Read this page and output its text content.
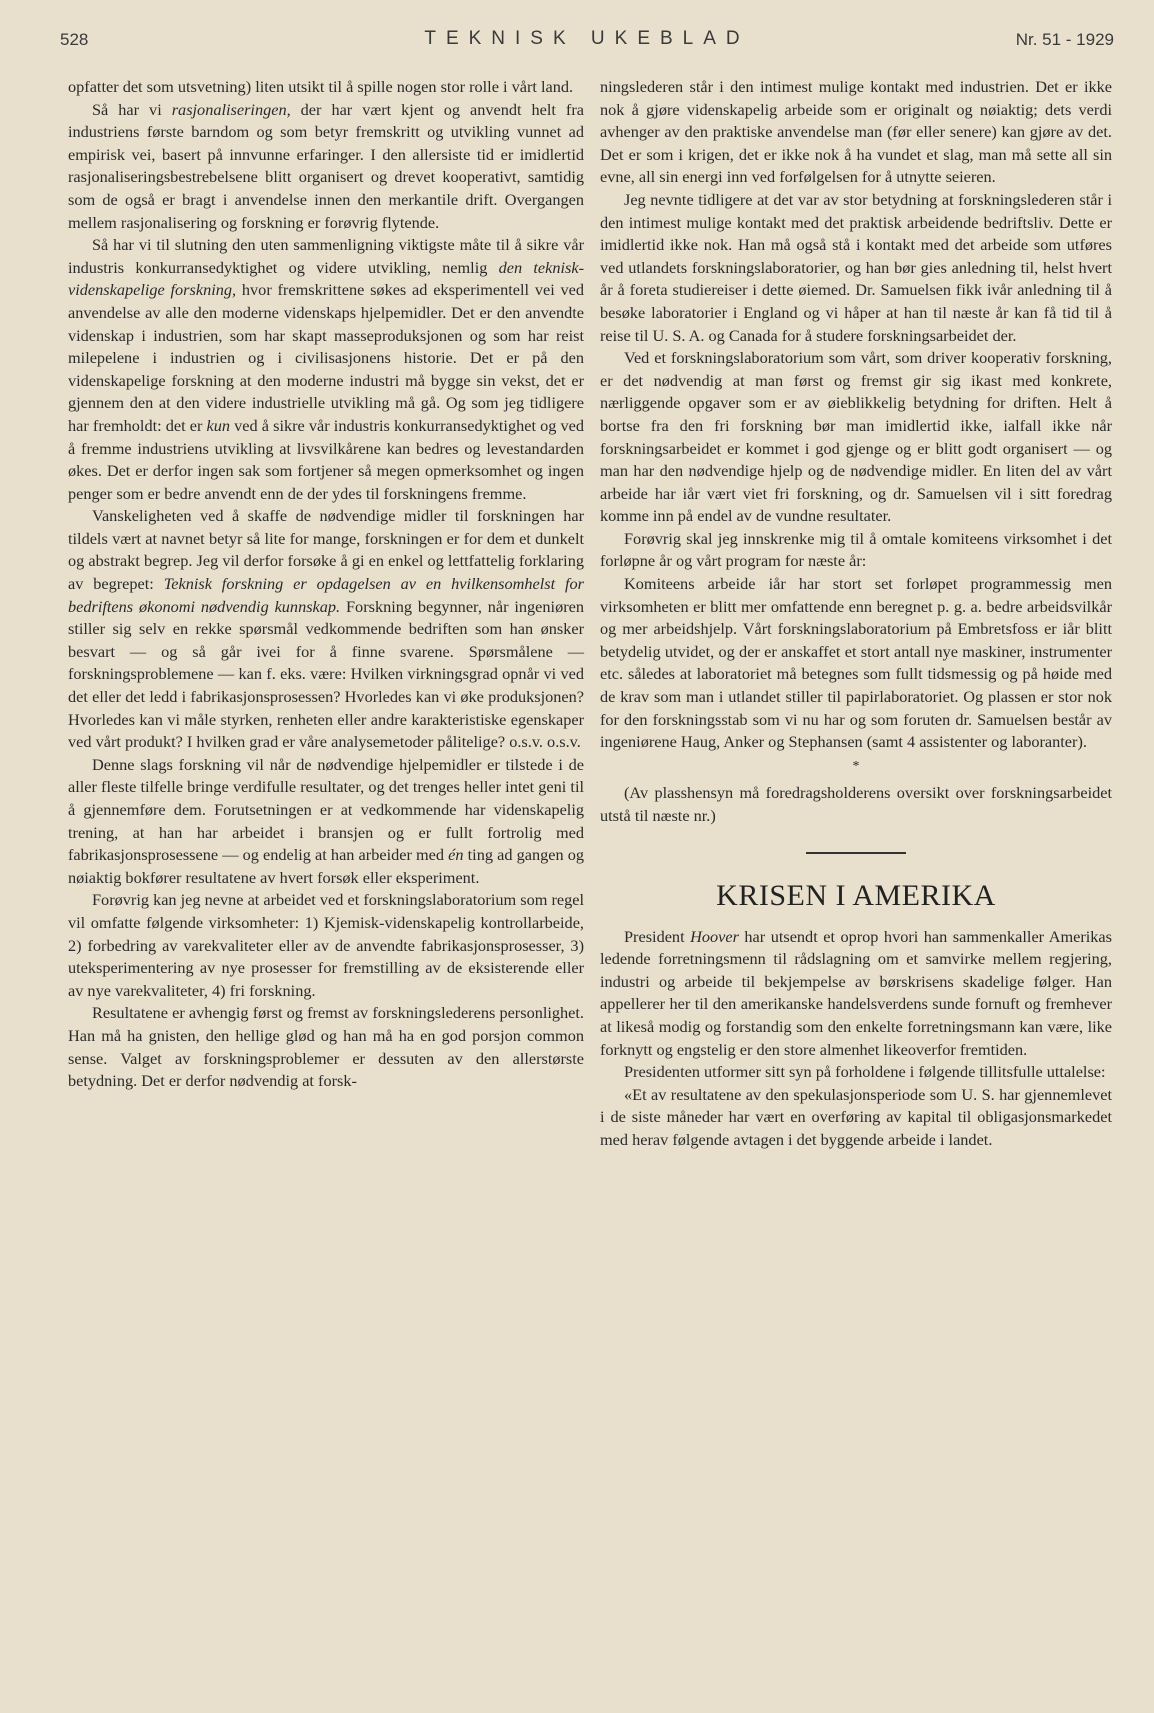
528	TEKNISK UKEBLAD	Nr. 51 - 1929

opfatter det som utsvetning) liten utsikt til å spille nogen stor rolle i vårt land.

Så har vi rasjonaliseringen, der har vært kjent og anvendt helt fra industriens første barndom og som betyr fremskritt og utvikling vunnet ad empirisk vei, basert på innvunne erfaringer. I den allersiste tid er imidlertid rasjonaliseringsbestrebelsene blitt organisert og drevet kooperativt, samtidig som de også er bragt i anvendelse innen den merkantile drift. Overgangen mellem rasjonalisering og forskning er forøvrig flytende.

Så har vi til slutning den uten sammenligning viktigste måte til å sikre vår industris konkurransedyktighet og videre utvikling, nemlig den teknisk-videnskapelige forskning, hvor fremskrittene søkes ad eksperimentell vei ved anvendelse av alle den moderne videnskaps hjelpemidler. Det er den anvendte videnskap i industrien, som har skapt masseproduksjonen og som har reist milepelene i industrien og i civilisasjonens historie. Det er på den videnskapelige forskning at den moderne industri må bygge sin vekst, det er gjennem den at den videre industrielle utvikling må gå. Og som jeg tidligere har fremholdt: det er kun ved å sikre vår industris konkurransedyktighet og ved å fremme industriens utvikling at livsvilkårene kan bedres og levestandarden økes. Det er derfor ingen sak som fortjener så megen opmerksomhet og ingen penger som er bedre anvendt enn de der ydes til forskningens fremme.

Vanskeligheten ved å skaffe de nødvendige midler til forskningen har tildels vært at navnet betyr så lite for mange, forskningen er for dem et dunkelt og abstrakt begrep. Jeg vil derfor forsøke å gi en enkel og lettfattelig forklaring av begrepet: Teknisk forskning er opdagelsen av en hvilkensomhelst for bedriftens økonomi nødvendig kunnskap. Forskning begynner, når ingeniøren stiller sig selv en rekke spørsmål vedkommende bedriften som han ønsker besvart — og så går ivei for å finne svarene. Spørsmålene — forskningsproblemene — kan f. eks. være: Hvilken virkningsgrad opnår vi ved det eller det ledd i fabrikasjonsprosessen? Hvorledes kan vi øke produksjonen? Hvorledes kan vi måle styrken, renheten eller andre karakteristiske egenskaper ved vårt produkt? I hvilken grad er våre analysemetoder pålitelige? o.s.v. o.s.v.

Denne slags forskning vil når de nødvendige hjelpemidler er tilstede i de aller fleste tilfelle bringe verdifulle resultater, og det trenges heller intet geni til å gjennemføre dem. Forutsetningen er at vedkommende har videnskapelig trening, at han har arbeidet i bransjen og er fullt fortrolig med fabrikasjonsprosessene — og endelig at han arbeider med én ting ad gangen og nøiaktig bokfører resultatene av hvert forsøk eller eksperiment.

Forøvrig kan jeg nevne at arbeidet ved et forskningslaboratorium som regel vil omfatte følgende virksomheter: 1) Kjemisk-videnskapelig kontrollarbeide, 2) forbedring av varekvaliteter eller av de anvendte fabrikasjonsprosesser, 3) uteksperimentering av nye prosesser for fremstilling av de eksisterende eller av nye varekvaliteter, 4) fri forskning.

Resultatene er avhengig først og fremst av forskningslederens personlighet. Han må ha gnisten, den hellige glød og han må ha en god porsjon common sense. Valget av forskningsproblemer er dessuten av den allerstørste betydning. Det er derfor nødvendig at forsk-

ningslederen står i den intimest mulige kontakt med industrien. Det er ikke nok å gjøre videnskapelig arbeide som er originalt og nøiaktig; dets verdi avhenger av den praktiske anvendelse man (før eller senere) kan gjøre av det. Det er som i krigen, det er ikke nok å ha vundet et slag, man må sette all sin evne, all sin energi inn ved forfølgelsen for å utnytte seieren.

Jeg nevnte tidligere at det var av stor betydning at forskningslederen står i den intimest mulige kontakt med det praktisk arbeidende bedriftsliv. Dette er imidlertid ikke nok. Han må også stå i kontakt med det arbeide som utføres ved utlandets forskningslaboratorier, og han bør gies anledning til, helst hvert år å foreta studiereiser i dette øiemed. Dr. Samuelsen fikk ivår anledning til å besøke laboratorier i England og vi håper at han til næste år kan få tid til å reise til U. S. A. og Canada for å studere forskningsarbeidet der.

Ved et forskningslaboratorium som vårt, som driver kooperativ forskning, er det nødvendig at man først og fremst gir sig ikast med konkrete, nærliggende opgaver som er av øieblikkelig betydning for driften. Helt å bortse fra den fri forskning bør man imidlertid ikke, ialfall ikke når forskningsarbeidet er kommet i god gjenge og er blitt godt organisert — og man har den nødvendige hjelp og de nødvendige midler. En liten del av vårt arbeide har iår vært viet fri forskning, og dr. Samuelsen vil i sitt foredrag komme inn på endel av de vundne resultater.

Forøvrig skal jeg innskrenke mig til å omtale komiteens virksomhet i det forløpne år og vårt program for næste år:

Komiteens arbeide iår har stort set forløpet programmessig men virksomheten er blitt mer omfattende enn beregnet p. g. a. bedre arbeidsvilkår og mer arbeidshjelp. Vårt forskningslaboratorium på Embretsfoss er iår blitt betydelig utvidet, og der er anskaffet et stort antall nye maskiner, instrumenter etc. således at laboratoriet må betegnes som fullt tidsmessig og på høide med de krav som man i utlandet stiller til papirlaboratoriet. Og plassen er stor nok for den forskningsstab som vi nu har og som foruten dr. Samuelsen består av ingeniørene Haug, Anker og Stephansen (samt 4 assistenter og laboranter).

*

(Av plasshensyn må foredragsholderens oversikt over forskningsarbeidet utstå til næste nr.)

KRISEN I AMERIKA

President Hoover har utsendt et oprop hvori han sammenkaller Amerikas ledende forretningsmenn til rådslagning om et samvirke mellem regjering, industri og arbeide til bekjempelse av børskrisens skadelige følger. Han appellerer her til den amerikanske handelsverdens sunde fornuft og fremhever at likeså modig og forstandig som den enkelte forretningsmann kan være, like forknytt og engstelig er den store almenhet likeoverfor fremtiden.

Presidenten utformer sitt syn på forholdene i følgende tillitsfulle uttalelse:

«Et av resultatene av den spekulasjonsperiode som U. S. har gjennemlevet i de siste måneder har vært en overføring av kapital til obligasjonsmarkedet med herav følgende avtagen i det byggende arbeide i landet.
